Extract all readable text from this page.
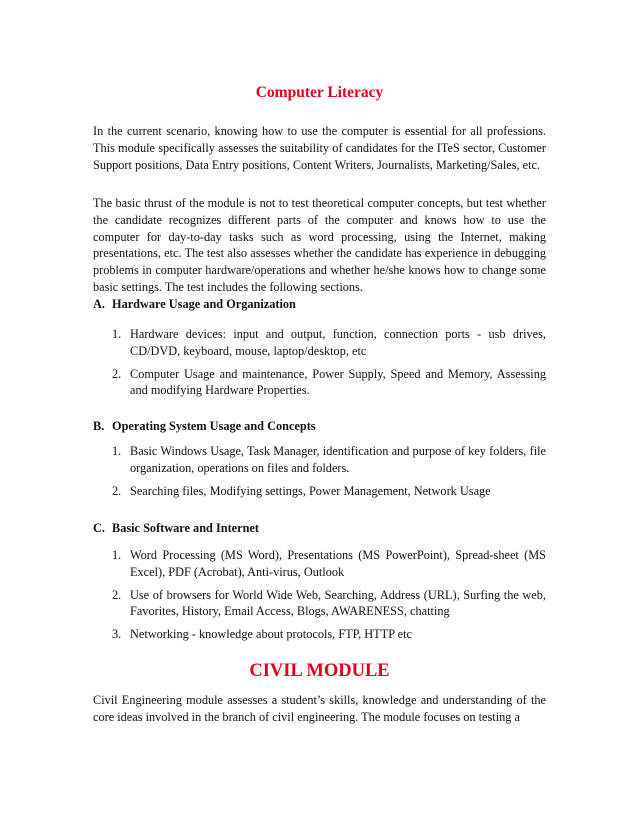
Computer Literacy
In the current scenario, knowing how to use the computer is essential for all professions. This module specifically assesses the suitability of candidates for the ITeS sector, Customer Support positions, Data Entry positions, Content Writers, Journalists, Marketing/Sales, etc.
The basic thrust of the module is not to test theoretical computer concepts, but test whether the candidate recognizes different parts of the computer and knows how to use the computer for day-to-day tasks such as word processing, using the Internet, making presentations, etc. The test also assesses whether the candidate has experience in debugging problems in computer hardware/operations and whether he/she knows how to change some basic settings. The test includes the following sections.
A. Hardware Usage and Organization
1. Hardware devices: input and output, function, connection ports - usb drives, CD/DVD, keyboard, mouse, laptop/desktop, etc
2. Computer Usage and maintenance, Power Supply, Speed and Memory, Assessing and modifying Hardware Properties.
B. Operating System Usage and Concepts
1. Basic Windows Usage, Task Manager, identification and purpose of key folders, file organization, operations on files and folders.
2. Searching files, Modifying settings, Power Management, Network Usage
C. Basic Software and Internet
1. Word Processing (MS Word), Presentations (MS PowerPoint), Spread-sheet (MS Excel), PDF (Acrobat), Anti-virus, Outlook
2. Use of browsers for World Wide Web, Searching, Address (URL), Surfing the web, Favorites, History, Email Access, Blogs, AWARENESS, chatting
3. Networking - knowledge about protocols, FTP, HTTP etc
CIVIL MODULE
Civil Engineering module assesses a student’s skills, knowledge and understanding of the core ideas involved in the branch of civil engineering. The module focuses on testing a
